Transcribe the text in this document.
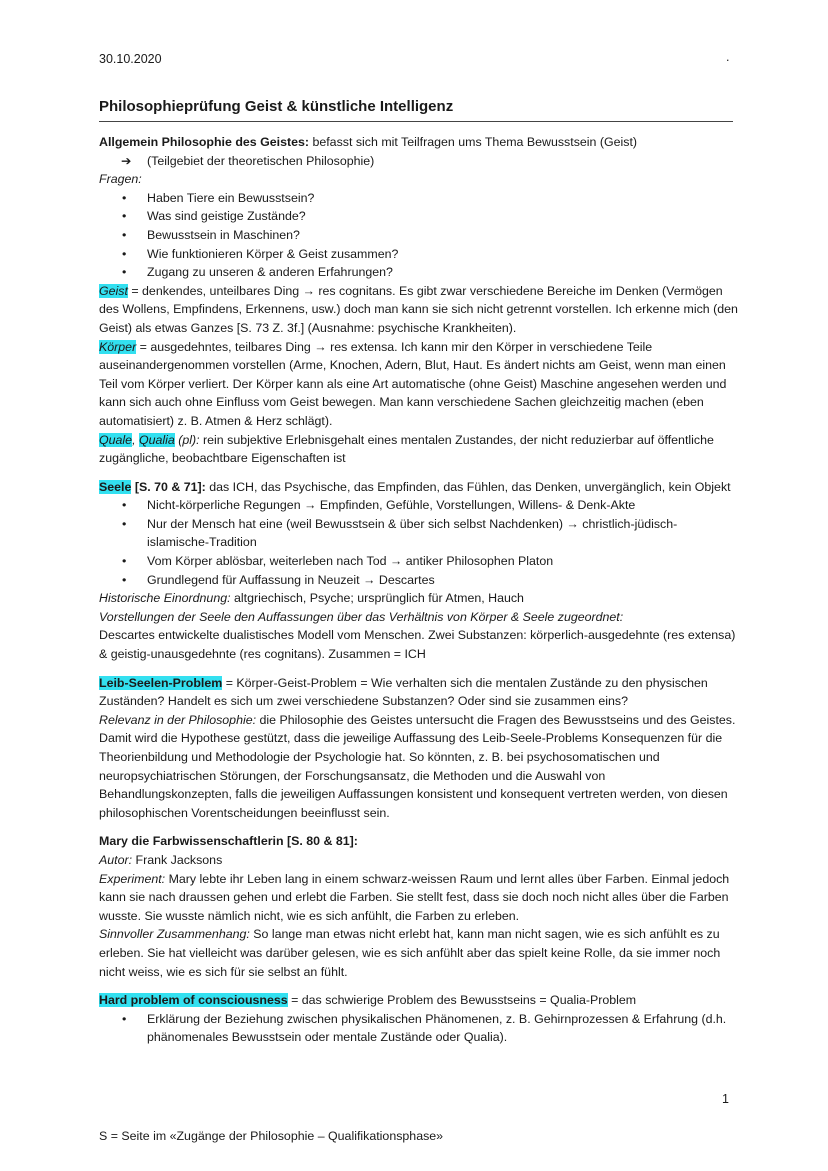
30.10.2020	.
Philosophieprüfung Geist & künstliche Intelligenz

Allgemein Philosophie des Geistes: befasst sich mit Teilfragen ums Thema Bewusstsein (Geist)

➔ (Teilgebiet der theoretischen Philosophie)

Fragen:

• Haben Tiere ein Bewusstsein?
• Was sind geistige Zustände?
• Bewusstsein in Maschinen?
• Wie funktionieren Körper & Geist zusammen?
• Zugang zu unseren & anderen Erfahrungen?

Geist = denkendes, unteilbares Ding → res cognitans. Es gibt zwar verschiedene Bereiche im Denken (Vermögen des Wollens, Empfindens, Erkennens, usw.) doch man kann sie sich nicht getrennt vorstellen. Ich erkenne mich (den Geist) als etwas Ganzes [S. 73 Z. 3f.] (Ausnahme: psychische Krankheiten).

Körper = ausgedehntes, teilbares Ding → res extensa. Ich kann mir den Körper in verschiedene Teile auseinandergenommen vorstellen (Arme, Knochen, Adern, Blut, Haut. Es ändert nichts am Geist, wenn man einen Teil vom Körper verliert. Der Körper kann als eine Art automatische (ohne Geist) Maschine angesehen werden und kann sich auch ohne Einfluss vom Geist bewegen. Man kann verschiedene Sachen gleichzeitig machen (eben automatisiert) z. B. Atmen & Herz schlägt).

Quale, Qualia (pl): rein subjektive Erlebnisgehalt eines mentalen Zustandes, der nicht reduzierbar auf öffentliche zugängliche, beobachtbare Eigenschaften ist

Seele [S. 70 & 71]: das ICH, das Psychische, das Empfinden, das Fühlen, das Denken, unvergänglich, kein Objekt

• Nicht-körperliche Regungen → Empfinden, Gefühle, Vorstellungen, Willens- & Denk-Akte
• Nur der Mensch hat eine (weil Bewusstsein & über sich selbst Nachdenken) → christlich-jüdisch-islamische-Tradition
• Vom Körper ablösbar, weiterleben nach Tod → antiker Philosophen Platon
• Grundlegend für Auffassung in Neuzeit → Descartes

Historische Einordnung: altgriechisch, Psyche; ursprünglich für Atmen, Hauch

Vorstellungen der Seele den Auffassungen über das Verhältnis von Körper & Seele zugeordnet:

Descartes entwickelte dualistisches Modell vom Menschen. Zwei Substanzen: körperlich-ausgedehnte (res extensa) & geistig-unausgedehnte (res cognitans). Zusammen = ICH

Leib-Seelen-Problem = Körper-Geist-Problem = Wie verhalten sich die mentalen Zustände zu den physischen Zuständen? Handelt es sich um zwei verschiedene Substanzen? Oder sind sie zusammen eins?

Relevanz in der Philosophie: die Philosophie des Geistes untersucht die Fragen des Bewusstseins und des Geistes.

Damit wird die Hypothese gestützt, dass die jeweilige Auffassung des Leib-Seele-Problems Konsequenzen für die Theorienbildung und Methodologie der Psychologie hat. So könnten, z. B. bei psychosomatischen und neuropsychiatrischen Störungen, der Forschungsansatz, die Methoden und die Auswahl von Behandlungskonzepten, falls die jeweiligen Auffassungen konsistent und konsequent vertreten werden, von diesen philosophischen Vorentscheidungen beeinflusst sein.

Mary die Farbwissenschaftlerin [S. 80 & 81]:

Autor: Frank Jacksons

Experiment: Mary lebte ihr Leben lang in einem schwarz-weissen Raum und lernt alles über Farben. Einmal jedoch kann sie nach draussen gehen und erlebt die Farben. Sie stellt fest, dass sie doch noch nicht alles über die Farben wusste. Sie wusste nämlich nicht, wie es sich anfühlt, die Farben zu erleben.

Sinnvoller Zusammenhang: So lange man etwas nicht erlebt hat, kann man nicht sagen, wie es sich anfühlt es zu erleben. Sie hat vielleicht was darüber gelesen, wie es sich anfühlt aber das spielt keine Rolle, da sie immer noch nicht weiss, wie es sich für sie selbst an fühlt.

Hard problem of consciousness = das schwierige Problem des Bewusstseins = Qualia-Problem

• Erklärung der Beziehung zwischen physikalischen Phänomenen, z. B. Gehirnprozessen & Erfahrung (d.h. phänomenales Bewusstsein oder mentale Zustände oder Qualia).
1
S = Seite im «Zugänge der Philosophie – Qualifikationsphase»
